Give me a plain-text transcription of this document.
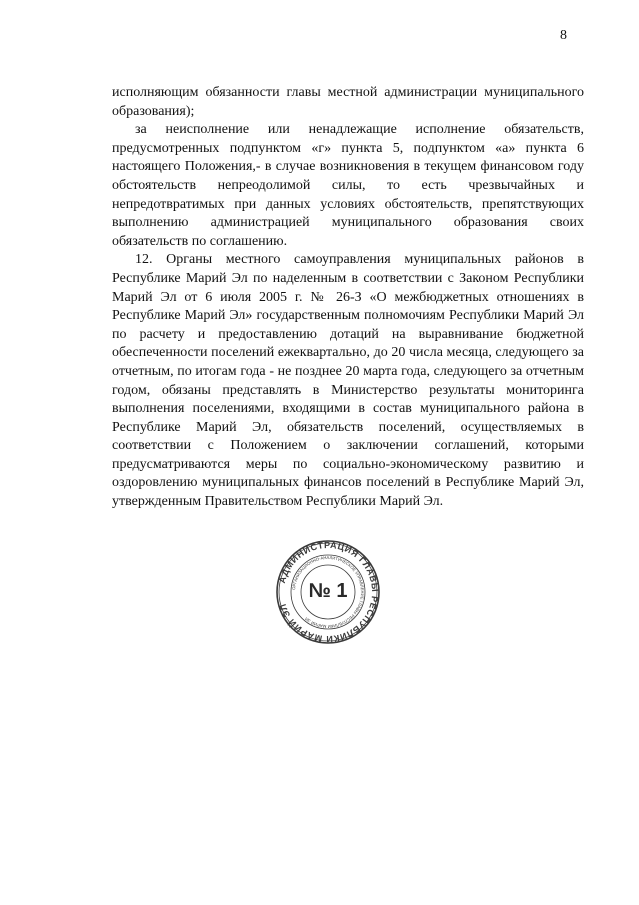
8

исполняющим обязанности главы местной администрации муниципального образования);

за неисполнение или ненадлежащие исполнение обязательств, предусмотренных подпунктом «г» пункта 5, подпунктом «а» пункта 6 настоящего Положения,- в случае возникновения в текущем финансовом году обстоятельств непреодолимой силы, то есть чрезвычайных и непредотвратимых при данных условиях обстоятельств, препятствующих выполнению администрацией муниципального образования своих обязательств по соглашению.

12. Органы местного самоуправления муниципальных районов в Республике Марий Эл по наделенным в соответствии с Законом Республики Марий Эл от 6 июля 2005 г. № 26-З «О межбюджетных отношениях в Республике Марий Эл» государственным полномочиям Республики Марий Эл по расчету и предоставлению дотаций на выравнивание бюджетной обеспеченности поселений ежеквартально, до 20 числа месяца, следующего за отчетным, по итогам года - не позднее 20 марта года, следующего за отчетным годом, обязаны представлять в Министерство результаты мониторинга выполнения поселениями, входящими в состав муниципального района в Республике Марий Эл, обязательств поселений, осуществляемых в соответствии с Положением о заключении соглашений, которыми предусматриваются меры по социально-экономическому развитию и оздоровлению муниципальных финансов поселений в Республике Марий Эл, утвержденным Правительством Республики Марий Эл.

АДМИНИСТРАЦИЯ ГЛАВЫ РЕСПУБЛИКИ МАРИЙ ЭЛ
ОРГАНИЗАЦИОННО-АНАЛИТИЧЕСКОЕ УПРАВЛЕНИЕ ГЛАВЫ РЕСПУБЛИКИ МАРИЙ ЭЛ
№ 1
